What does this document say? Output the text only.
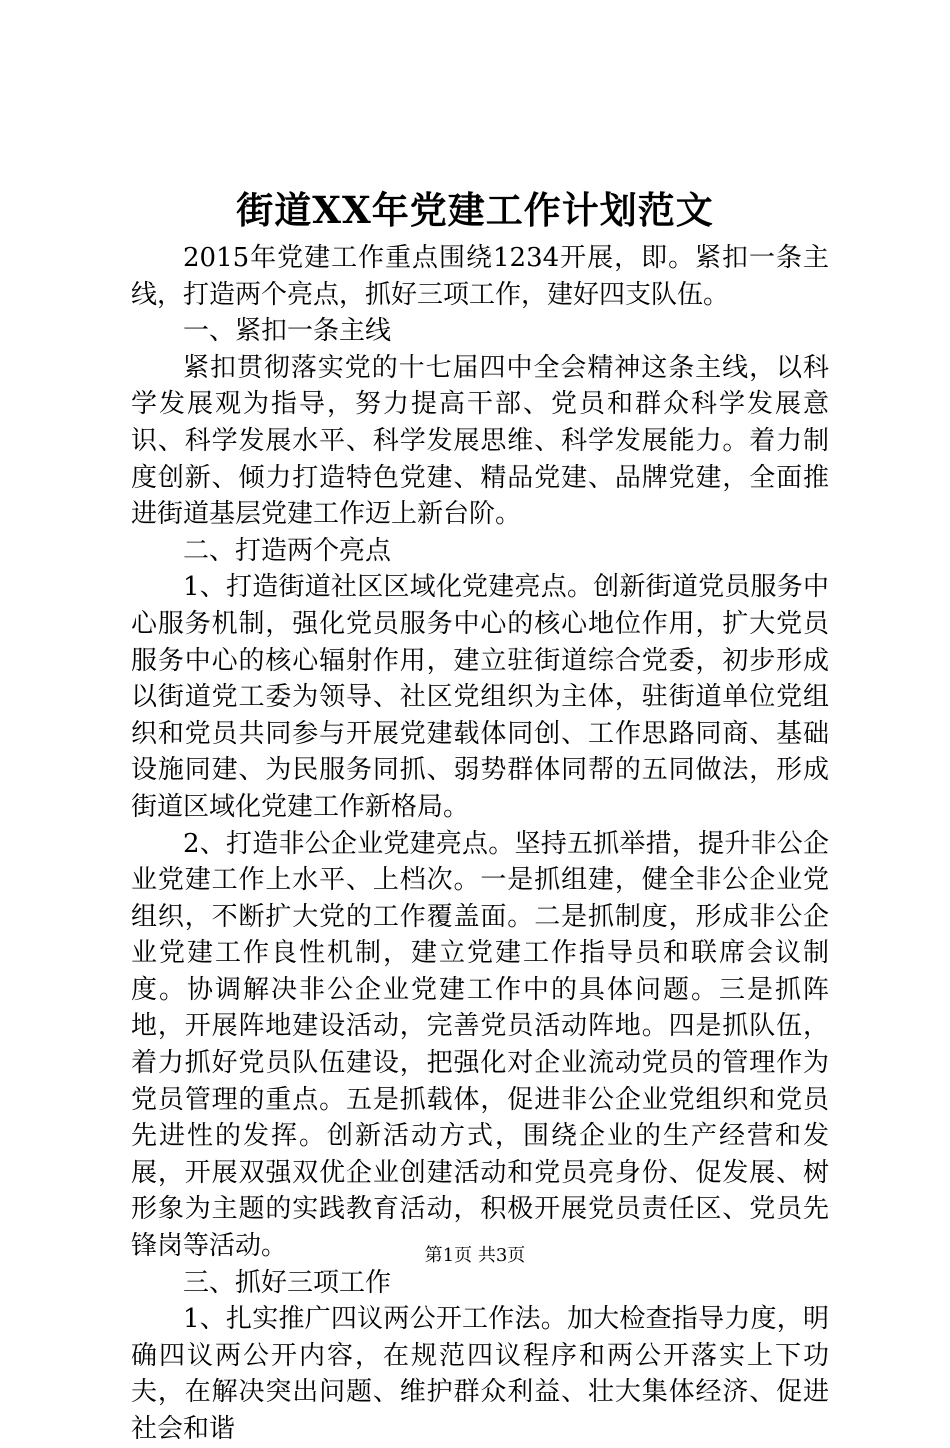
街道XX年党建工作计划范文

2015年党建工作重点围绕1234开展，即。紧扣一条主线，打造两个亮点，抓好三项工作，建好四支队伍。

一、紧扣一条主线

紧扣贯彻落实党的十七届四中全会精神这条主线，以科学发展观为指导，努力提高干部、党员和群众科学发展意识、科学发展水平、科学发展思维、科学发展能力。着力制度创新、倾力打造特色党建、精品党建、品牌党建，全面推进街道基层党建工作迈上新台阶。

二、打造两个亮点

1、打造街道社区区域化党建亮点。创新街道党员服务中心服务机制，强化党员服务中心的核心地位作用，扩大党员服务中心的核心辐射作用，建立驻街道综合党委，初步形成以街道党工委为领导、社区党组织为主体，驻街道单位党组织和党员共同参与开展党建载体同创、工作思路同商、基础设施同建、为民服务同抓、弱势群体同帮的五同做法，形成街道区域化党建工作新格局。

2、打造非公企业党建亮点。坚持五抓举措，提升非公企业党建工作上水平、上档次。一是抓组建，健全非公企业党组织，不断扩大党的工作覆盖面。二是抓制度，形成非公企业党建工作良性机制，建立党建工作指导员和联席会议制度。协调解决非公企业党建工作中的具体问题。三是抓阵地，开展阵地建设活动，完善党员活动阵地。四是抓队伍，着力抓好党员队伍建设，把强化对企业流动党员的管理作为党员管理的重点。五是抓载体，促进非公企业党组织和党员先进性的发挥。创新活动方式，围绕企业的生产经营和发展，开展双强双优企业创建活动和党员亮身份、促发展、树形象为主题的实践教育活动，积极开展党员责任区、党员先锋岗等活动。

三、抓好三项工作

1、扎实推广四议两公开工作法。加大检查指导力度，明确四议两公开内容，在规范四议程序和两公开落实上下功夫，在解决突出问题、维护群众利益、壮大集体经济、促进社会和谐

第1页 共3页
